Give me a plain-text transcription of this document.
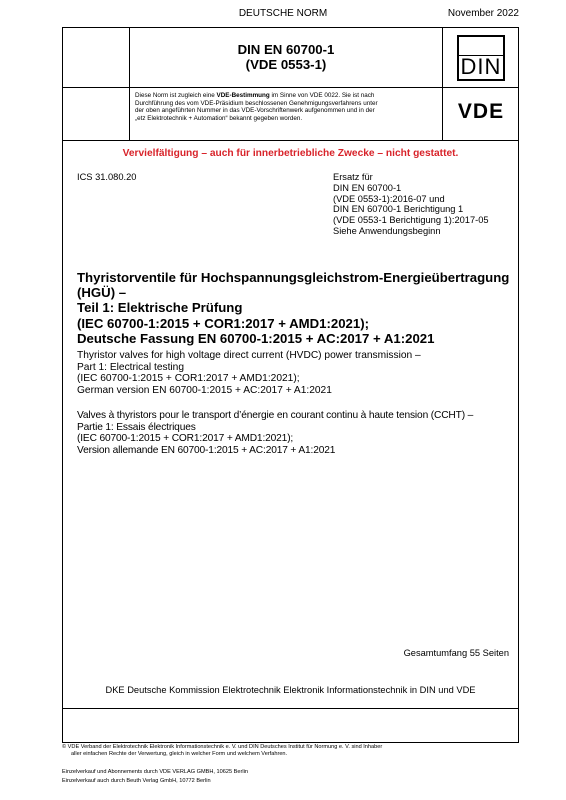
DEUTSCHE NORM	November 2022
DIN EN 60700-1
(VDE 0553-1)	DIN
Diese Norm ist zugleich eine VDE-Bestimmung im Sinne von VDE 0022. Sie ist nach
Durchführung des vom VDE-Präsidium beschlossenen Genehmigungsverfahrens unter
der oben angeführten Nummer in das VDE-Vorschriftenwerk aufgenommen und in der
„etz Elektrotechnik + Automation“ bekannt gegeben worden.	VDE
Vervielfältigung – auch für innerbetriebliche Zwecke – nicht gestattet.
ICS 31.080.20	Ersatz für
DIN EN 60700-1
(VDE 0553-1):2016-07 und
DIN EN 60700-1 Berichtigung 1
(VDE 0553-1 Berichtigung 1):2017-05
Siehe Anwendungsbeginn
Thyristorventile für Hochspannungsgleichstrom-Energieübertragung
(HGÜ) –
Teil 1: Elektrische Prüfung
(IEC 60700-1:2015 + COR1:2017 + AMD1:2021);
Deutsche Fassung EN 60700-1:2015 + AC:2017 + A1:2021
Thyristor valves for high voltage direct current (HVDC) power transmission –
Part 1: Electrical testing
(IEC 60700-1:2015 + COR1:2017 + AMD1:2021);
German version EN 60700-1:2015 + AC:2017 + A1:2021
Valves à thyristors pour le transport d’énergie en courant continu à haute tension (CCHT) –
Partie 1: Essais électriques
(IEC 60700-1:2015 + COR1:2017 + AMD1:2021);
Version allemande EN 60700-1:2015 + AC:2017 + A1:2021
Gesamtumfang 55 Seiten
DKE Deutsche Kommission Elektrotechnik Elektronik Informationstechnik in DIN und VDE
© VDE Verband der Elektrotechnik Elektronik Informationstechnik e. V. und DIN Deutsches Institut für Normung e. V. sind Inhaber
aller einfachen Rechte der Verwertung, gleich in welcher Form und welchem Verfahren.
Einzelverkauf und Abonnements durch VDE VERLAG GMBH, 10625 Berlin
Einzelverkauf auch durch Beuth Verlag GmbH, 10772 Berlin
